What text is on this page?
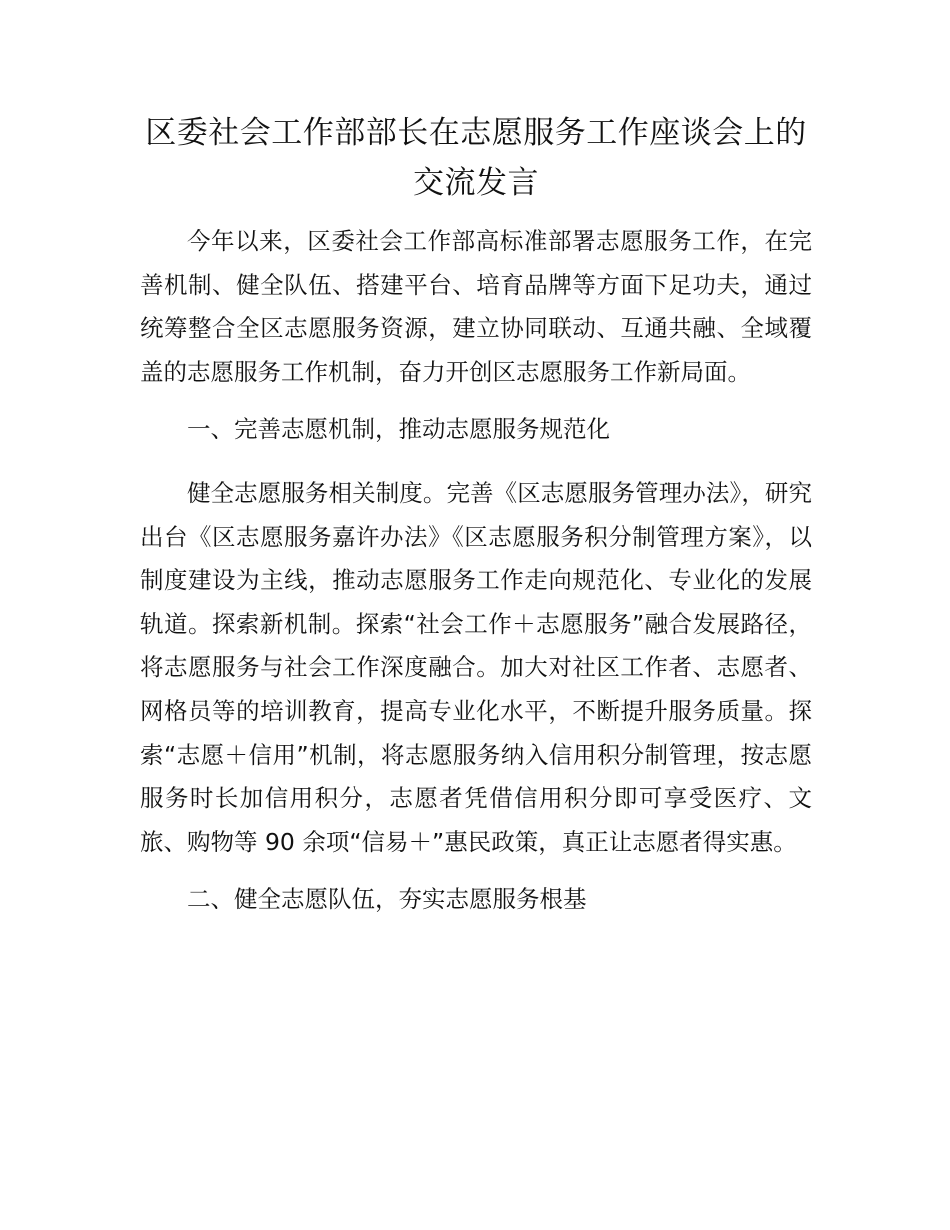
区委社会工作部部长在志愿服务工作座谈会上的交流发言

今年以来，区委社会工作部高标准部署志愿服务工作，在完善机制、健全队伍、搭建平台、培育品牌等方面下足功夫，通过统筹整合全区志愿服务资源，建立协同联动、互通共融、全域覆盖的志愿服务工作机制，奋力开创区志愿服务工作新局面。

一、完善志愿机制，推动志愿服务规范化

健全志愿服务相关制度。完善《区志愿服务管理办法》，研究出台《区志愿服务嘉许办法》《区志愿服务积分制管理方案》，以制度建设为主线，推动志愿服务工作走向规范化、专业化的发展轨道。探索新机制。探索“社会工作＋志愿服务”融合发展路径，将志愿服务与社会工作深度融合。加大对社区工作者、志愿者、网格员等的培训教育，提高专业化水平，不断提升服务质量。探索“志愿＋信用”机制，将志愿服务纳入信用积分制管理，按志愿服务时长加信用积分，志愿者凭借信用积分即可享受医疗、文旅、购物等 90 余项“信易＋”惠民政策，真正让志愿者得实惠。

二、健全志愿队伍，夯实志愿服务根基
